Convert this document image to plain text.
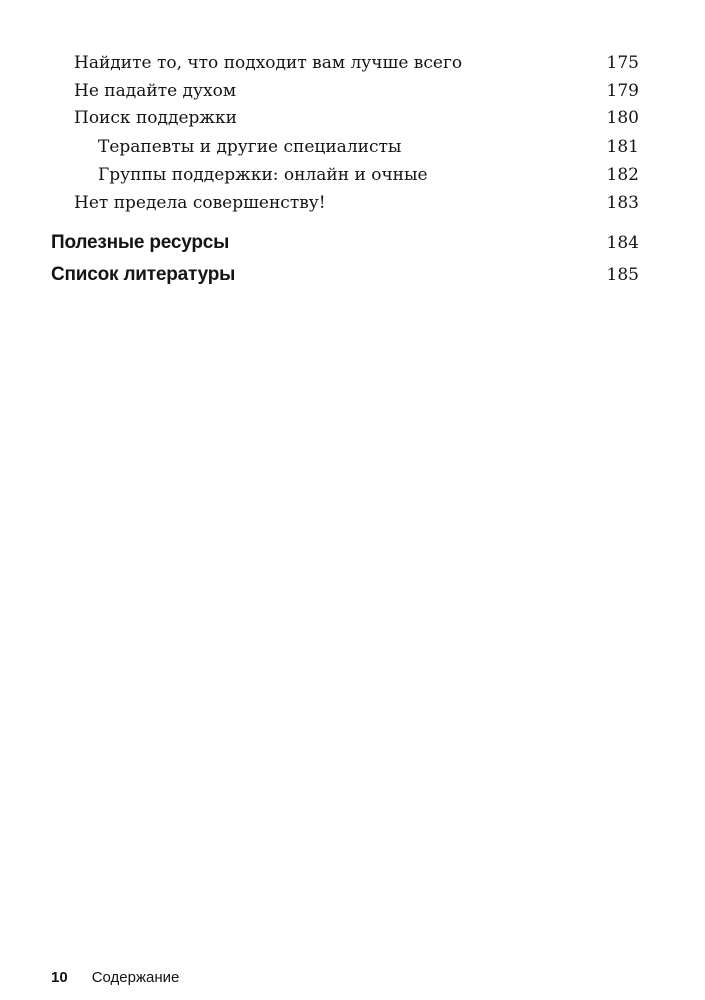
Найдите то, что подходит вам лучше всего	175
Не падайте духом	179
Поиск поддержки	180
Терапевты и другие специалисты	181
Группы поддержки: онлайн и очные	182
Нет предела совершенству!	183
Полезные ресурсы	184
Список литературы	185
10 Содержание
